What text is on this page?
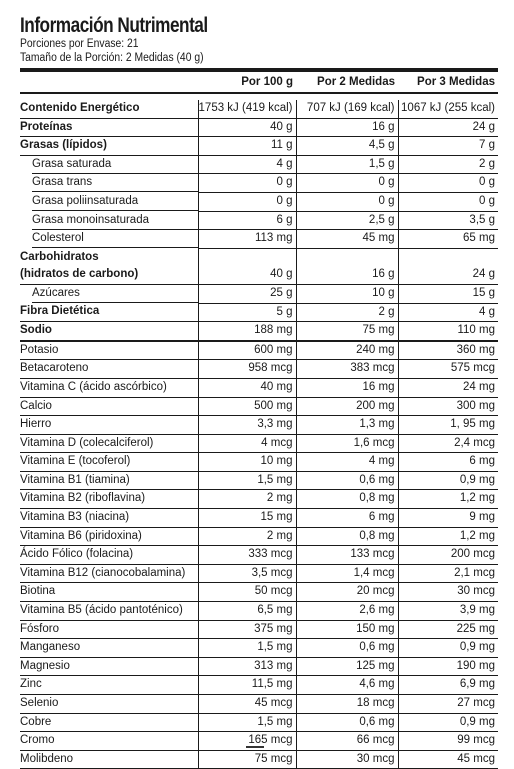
Información Nutrimental
Porciones por Envase: 21
Tamaño de la Porción: 2 Medidas (40 g)
	Por 100 g	Por 2 Medidas	Por 3 Medidas

Contenido Energético	1753 kJ (419 kcal)	707 kJ (169 kcal)	1067 kJ (255 kcal)
Proteínas	40 g	16 g	24 g
Grasas (lípidos)	11 g	4,5 g	7 g
Grasa saturada	4 g	1,5 g	2 g
Grasa trans	0 g	0 g	0 g
Grasa poliinsaturada	0 g	0 g	0 g
Grasa monoinsaturada	6 g	2,5 g	3,5 g
Colesterol	113 mg	45 mg	65 mg
Carbohidratos			
(hidratos de carbono)	40 g	16 g	24 g
Azúcares	25 g	10 g	15 g
Fibra Dietética	5 g	2 g	4 g
Sodio	188 mg	75 mg	110 mg
Potasio	600 mg	240 mg	360 mg
Betacaroteno	958 mcg	383 mcg	575 mcg
Vitamina C (ácido ascórbico)	40 mg	16 mg	24 mg
Calcio	500 mg	200 mg	300 mg
Hierro	3,3 mg	1,3 mg	1, 95 mg
Vitamina D (colecalciferol)	4 mcg	1,6 mcg	2,4 mcg
Vitamina E (tocoferol)	10 mg	4 mg	6 mg
Vitamina B1 (tiamina)	1,5 mg	0,6 mg	0,9 mg
Vitamina B2 (riboflavina)	2 mg	0,8 mg	1,2 mg
Vitamina B3 (niacina)	15 mg	6 mg	9 mg
Vitamina B6 (piridoxina)	2 mg	0,8 mg	1,2 mg
Ácido Fólico (folacina)	333 mcg	133 mcg	200 mcg
Vitamina B12 (cianocobalamina)	3,5 mcg	1,4 mcg	2,1 mcg
Biotina	50 mcg	20 mcg	30 mcg
Vitamina B5 (ácido pantoténico)	6,5 mg	2,6 mg	3,9 mg
Fósforo	375 mg	150 mg	225 mg
Manganeso	1,5 mg	0,6 mg	0,9 mg
Magnesio	313 mg	125 mg	190 mg
Zinc	11,5 mg	4,6 mg	6,9 mg
Selenio	45 mcg	18 mcg	27 mcg
Cobre	1,5 mg	0,6 mg	0,9 mg
Cromo	165 mcg	66 mcg	99 mcg
Molibdeno	75 mcg	30 mcg	45 mcg
